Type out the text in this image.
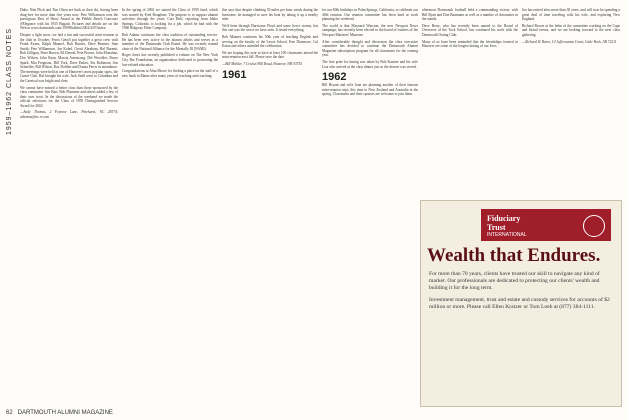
1959–1962 CLASS NOTES

Duke. Nini Flick and Tim Olsen are back in their ski, having been drug-free for more than five years now. Pete Williamson won the prestigious Best of Show Award at the Pebble Beach Concours d'Elegance with his 1935 Bugatti. Pictures and details are on the Web at www.dartmouth.com/1959Bulletin/2002/4/07/index.

Despite a light snow, we had a fun and successful mini-reunion at the club in October. Ferris Getoff put together a great crew with Frank Evans, Ralph Manuel, Bob Burnes, Dave Beamer, Stan Smith, Pete Williamson, Joe Kobel, Gerrit Abraham, Hal Burnett, Bob Gilligan, Peter Brown, Ed Deneal, Pete Brown, John Monahan, Doc Wilson, John Ryan, Marcia Armstrong, Del Weschler, Bruce Spark, Mia Ferguson, Bill York, Dave Dukes, Stu Robinson, Jim Schaeffer, Bill Wilson, Rox Dobbin and Donna Ferris in attendance. The meetings were held at one of Hanover's most popular spots, the Canoe Club. Hal brought his wife. Jack Snell went to Columbia and the Carnival was bright and clear.

We cannot have missed a better class than those sponsored by the class committee. Jim Barr, Bob Plummer and others added a few of their own twist. In the discussions of the weekend we made the official selections for the Class of 1959 Distinguished Service Award for 2002.

—Andy Thomas, 2 Feytone Lane, Pinehurst, NC 28374; athomas@nc.rr.com

In the spring of 2002 we started the Class of 1959 fund, which was started by Fred Boughner. The purpose is to support alumni activities through the years. Curt Duff, reporting from Idaho Springs, Colorado, is looking for a job, which he had with the 1960 Ridgway Fiber Company.

Bob Adams continues the class tradition of outstanding service. He has been very active in the alumni affairs and serves as a member of the Dartmouth Club Board. He was recently named chair of the National Alliance for the Mentally Ill (NAMI).

Roger Jones has recently published a volume on The New York City Bar Foundation, an organization dedicated to promoting the law-related education.

Congratulations to Alan Moore for finding a place on the staff of a new bank in Maine after many years of teaching and coaching.

Jim says that despite climbing 50 miles per hour winds during the hurricane, he managed to save his boat by taking it up a nearby inlet.

We'd been through Hurricane Floyd and some fierce storms, but this one was the worst we have seen. It tested everything.

Bob Mannes continues his 50th year of teaching English and serving on the faculty of the Lewis School. Ken Dinsmore, Cal Eaton and others attended the celebration.

We are hoping this year to have at least 100 classmates attend the mini-reunion next fall. Please save the date.

—Bill Mahler, 7 Cricket Hill Road, Hanover, NH 03755

1961

for our 60th birthdays in Palm Springs, California, to celebrate our 40th reunion. Our reunion committee has been hard at work planning the weekend.

The world is that Maynard Winston, the new Newport News campaign, has recently been elected to the board of trustees of the Newport Mariners' Museum.

After considerable thought and discussion the class executive committee has decided to continue the Dartmouth Alumni Magazine subscription program for all classmates for the coming year.

The first prize for timing was taken by Bob Kastner and his wife Lisa who arrived at the class dinner just as the dessert was served.

1962

Bill Bryant and wife Joan are planning another of their famous mini-reunion trips, this time to New Zealand and Australia in the spring. Classmates and their spouses are welcome to join them.

afternoon Dartmouth football held a commanding victory with Bill Ryan and Don Baumann as well as a number of classmates in the stands.

Dave Berry, who has recently been named to the Board of Overseers of the Tuck School, has continued his work with the Dartmouth Outing Club.

Many of us have been reminded that the friendships formed in Hanover are some of the longest lasting of our lives.

Joe has retired after more than 30 years, and will now be spending a great deal of time traveling with his wife, and exploring New England.

Richard Brown at the helm of the committee working on the Cape and Island events, and we are looking forward to the next class gathering.

—Richard W. Bates, 10 Jeffersonian Court, Little Rock, AR 72211

Fiduciary
Trust
INTERNATIONAL
Wealth that Endures.

For more than 70 years, clients have trusted our skill to navigate any kind of market. Our professionals are dedicated to protecting our clients' wealth and building it for the long term.

Investment management, trust and estate and custody services for accounts of $2 million or more. Please call Ellen Kratzer or Tom Loeb at (877) 384-1111.

62 DARTMOUTH ALUMNI MAGAZINE
